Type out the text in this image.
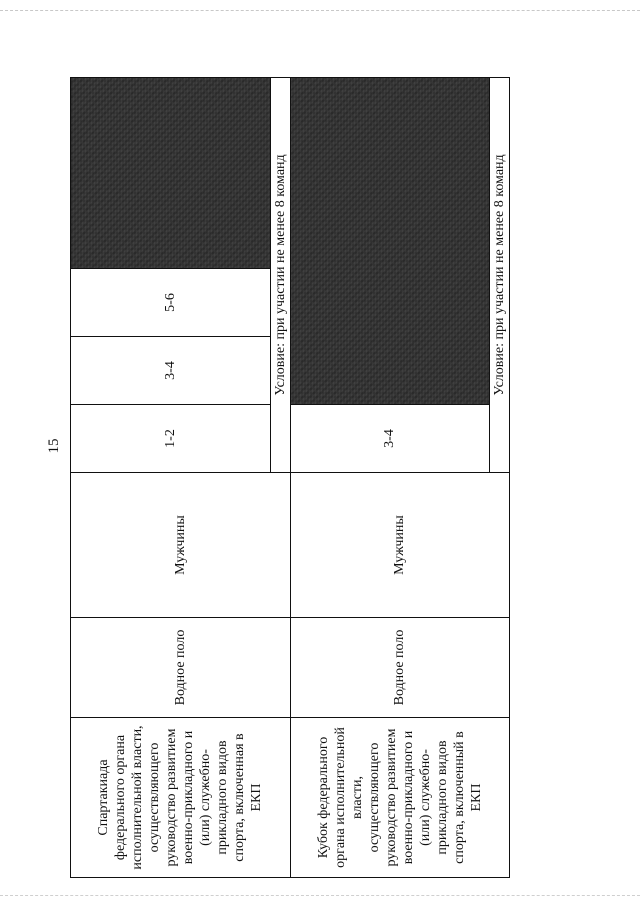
15
Спартакиада федерального органа исполнительной власти, осуществляющего руководство развитием военно-прикладного и (или) служебно-прикладного видов спорта, включенная в ЕКП	Водное поло	Мужчины	1-2	3-4	5-6	
			Условие: при участии не менее 8 команд			

Кубок федерального органа исполнительной власти, осуществляющего руководство развитием военно-прикладного и (или) служебно-прикладного видов спорта, включенный в ЕКП	Водное поло	Мужчины	3-4			
			Условие: при участии не менее 8 команд			
